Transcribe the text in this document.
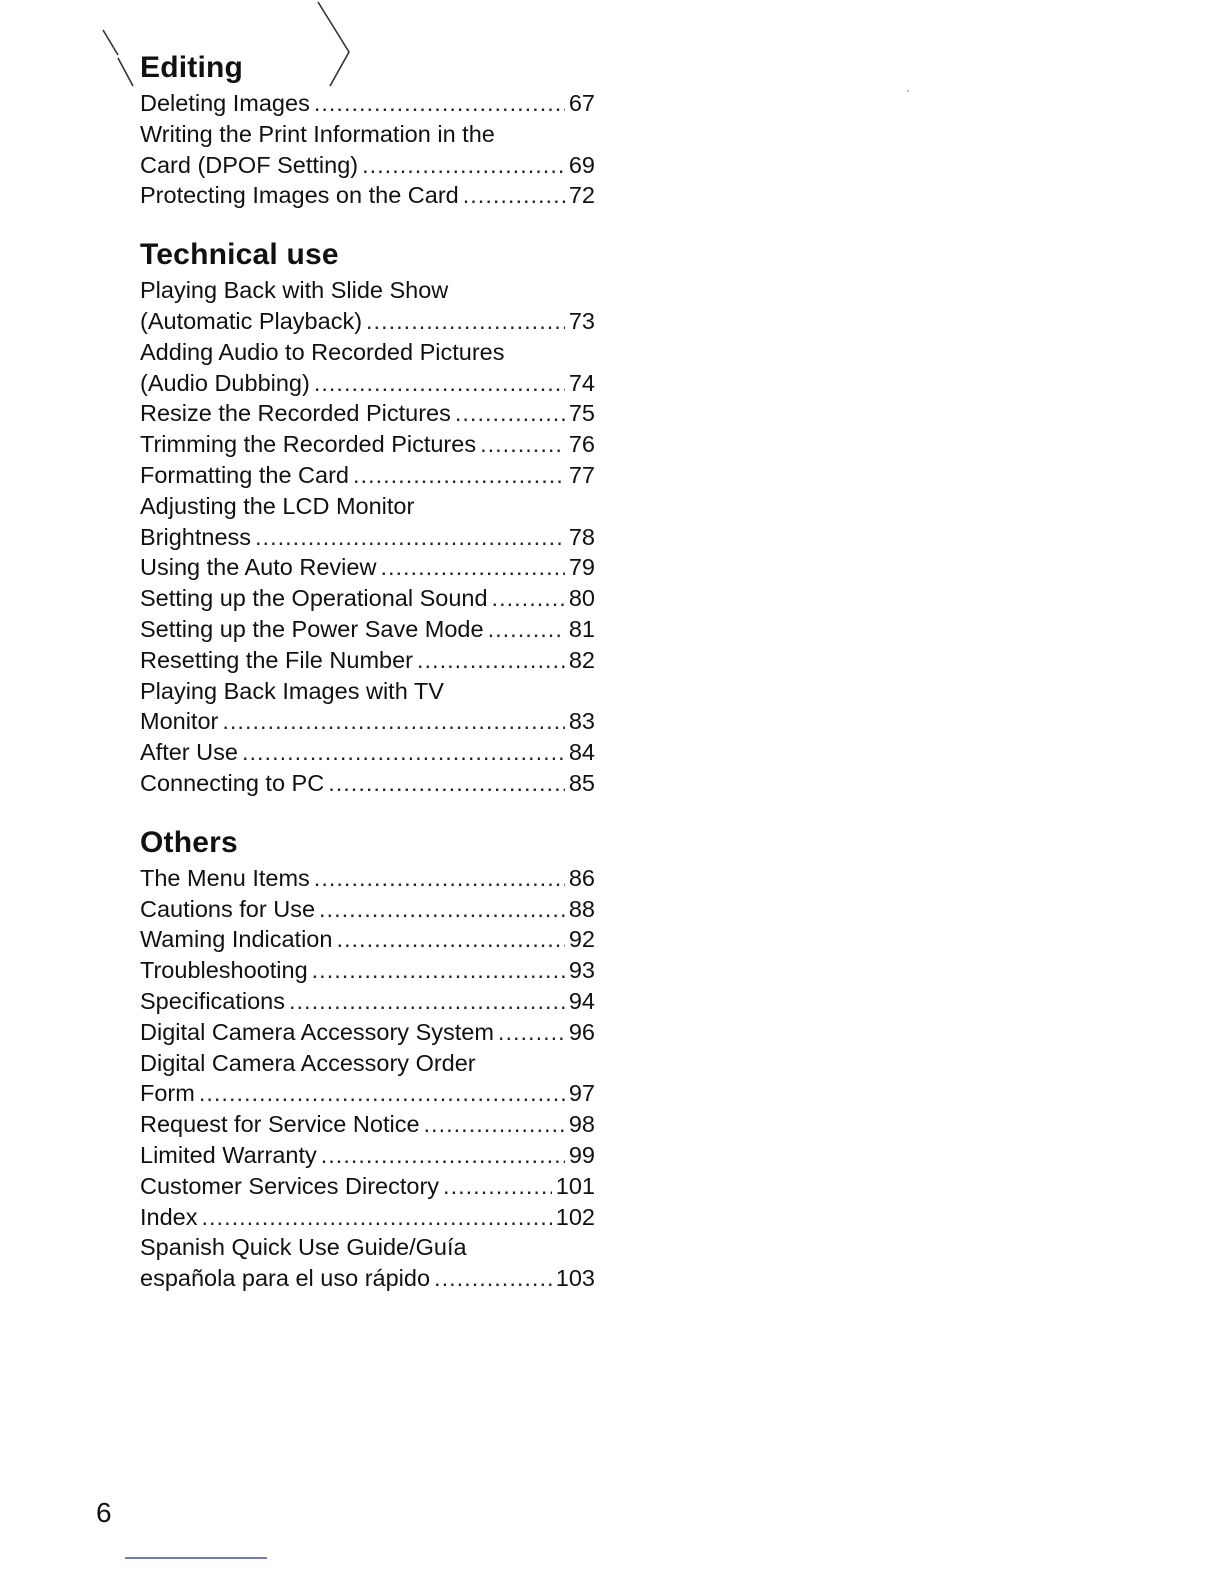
Editing
Deleting Images .....	67
Writing the Print Information in the
Card (DPOF Setting) .....	69
Protecting Images on the Card .....	72
Technical use
Playing Back with Slide Show
(Automatic Playback) .....	73
Adding Audio to Recorded Pictures
(Audio Dubbing) .....	74
Resize the Recorded Pictures .....	75
Trimming the Recorded Pictures .....	76
Formatting the Card .....	77
Adjusting the LCD Monitor
Brightness .....	78
Using the Auto Review .....	79
Setting up the Operational Sound .....	80
Setting up the Power Save Mode .....	81
Resetting the File Number .....	82
Playing Back Images with TV
Monitor .....	83
After Use .....	84
Connecting to PC .....	85
Others
The Menu Items .....	86
Cautions for Use .....	88
Waming Indication .....	92
Troubleshooting .....	93
Specifications .....	94
Digital Camera Accessory System .....	96
Digital Camera Accessory Order
Form .....	97
Request for Service Notice .....	98
Limited Warranty .....	99
Customer Services Directory .....	101
Index .....	102
Spanish Quick Use Guide/Guía
española para el uso rápido .....	103

6
